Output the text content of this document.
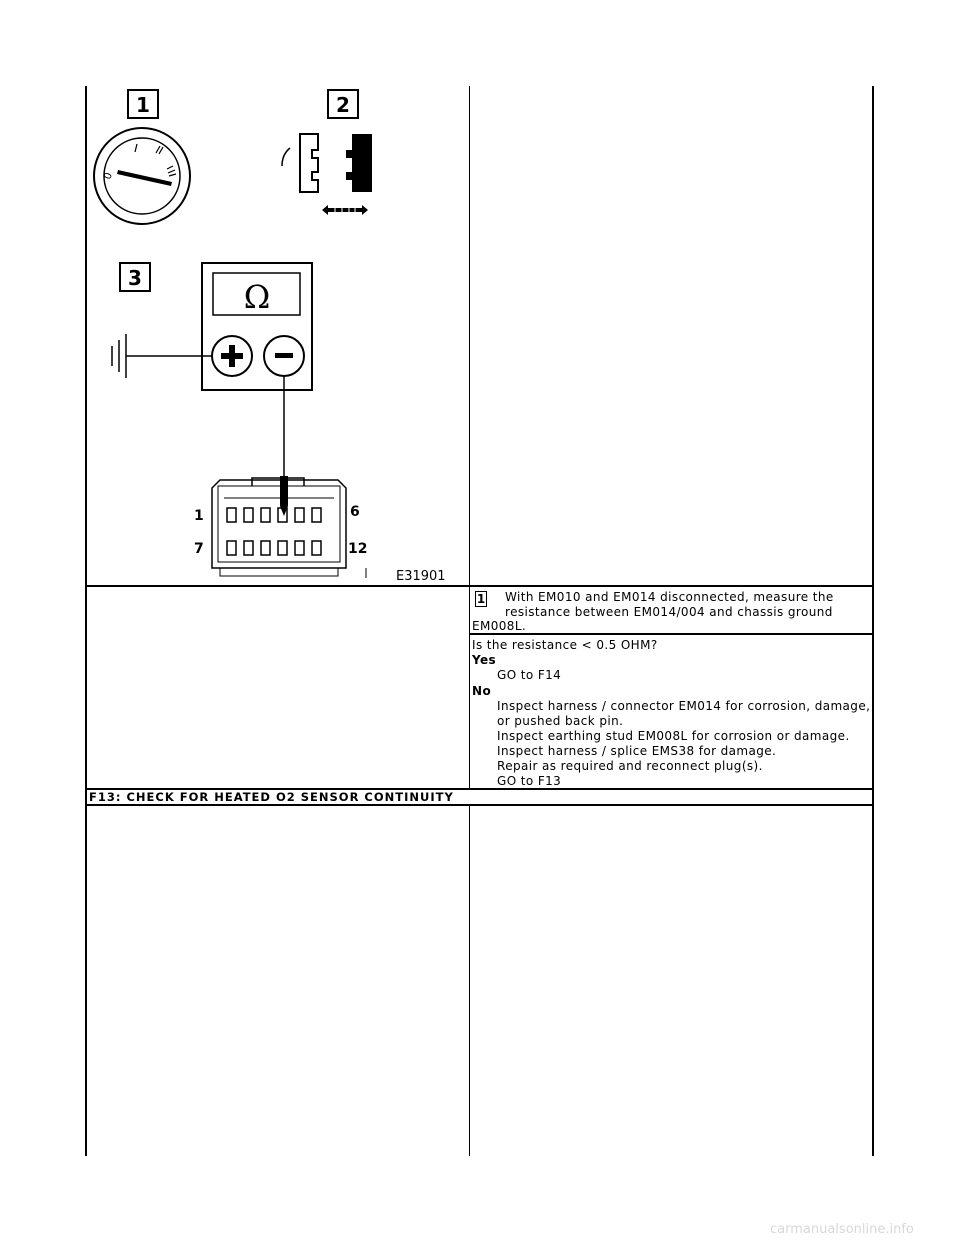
1	2
3
0
Ω
1	6
7	12
E31901
1 With EM010 and EM014 disconnected, measure the
resistance between EM014/004 and chassis ground
EM008L.
Is the resistance < 0.5 OHM?
Yes
GO to F14
No
Inspect harness / connector EM014 for corrosion, damage,
or pushed back pin.
Inspect earthing stud EM008L for corrosion or damage.
Inspect harness / splice EMS38 for damage.
Repair as required and reconnect plug(s).
GO to F13
F13: CHECK FOR HEATED O2 SENSOR CONTINUITY
carmanualsonline.info
